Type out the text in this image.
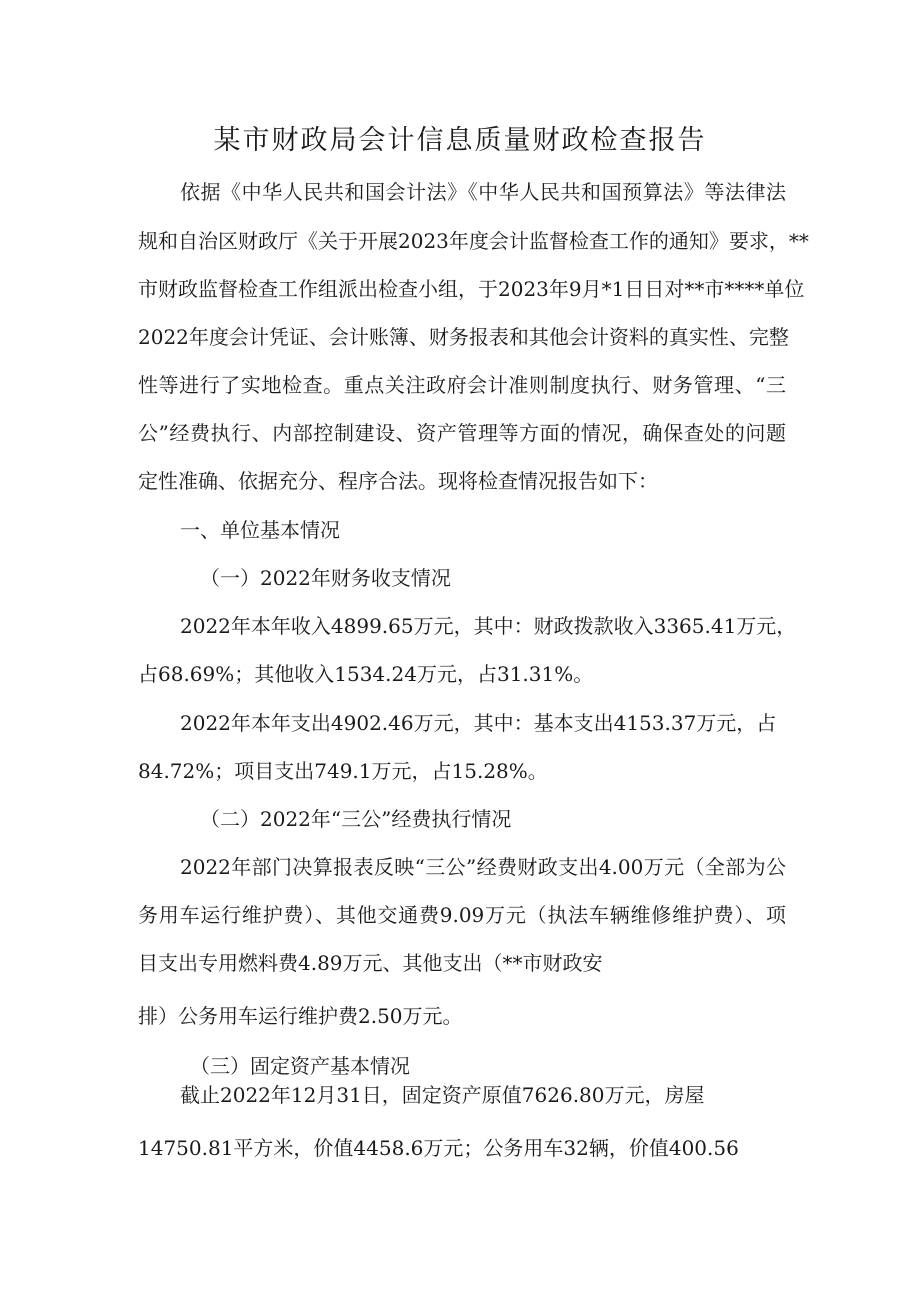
某市财政局会计信息质量财政检查报告
依据《中华人民共和国会计法》《中华人民共和国预算法》等法律法
规和自治区财政厅《关于开展2023年度会计监督检查工作的通知》要求，**
市财政监督检查工作组派出检查小组，于2023年9月*1日日对**市****单位
2022年度会计凭证、会计账簿、财务报表和其他会计资料的真实性、完整
性等进行了实地检查。重点关注政府会计准则制度执行、财务管理、“三
公”经费执行、内部控制建设、资产管理等方面的情况，确保查处的问题
定性准确、依据充分、程序合法。现将检查情况报告如下：
一、单位基本情况
（一）2022年财务收支情况
2022年本年收入4899.65万元，其中：财政拨款收入3365.41万元，
占68.69%；其他收入1534.24万元，占31.31%。
2022年本年支出4902.46万元，其中：基本支出4153.37万元，占
84.72%；项目支出749.1万元，占15.28%。
（二）2022年“三公”经费执行情况
2022年部门决算报表反映“三公”经费财政支出4.00万元（全部为公
务用车运行维护费）、其他交通费9.09万元（执法车辆维修维护费）、项
目支出专用燃料费4.89万元、其他支出（**市财政安
排）公务用车运行维护费2.50万元。
（三）固定资产基本情况
截止2022年12月31日，固定资产原值7626.80万元，房屋
14750.81平方米，价值4458.6万元；公务用车32辆，价值400.56
